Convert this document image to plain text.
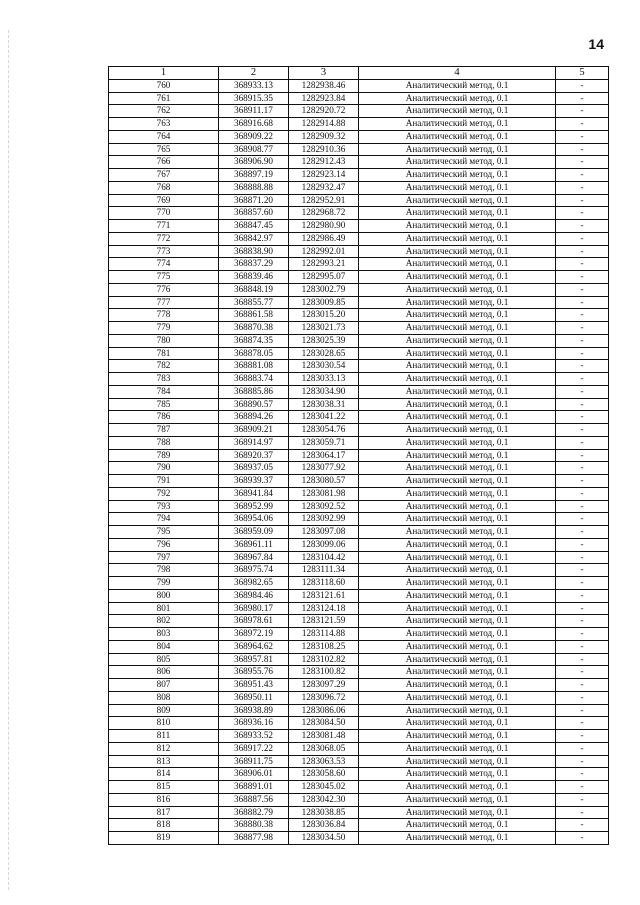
14
1	2	3	4	5
760	368933.13	1282938.46	Аналитический метод, 0.1	-
761	368915.35	1282923.84	Аналитический метод, 0.1	-
762	368911.17	1282920.72	Аналитический метод, 0.1	-
763	368916.68	1282914.88	Аналитический метод, 0.1	-
764	368909.22	1282909.32	Аналитический метод, 0.1	-
765	368908.77	1282910.36	Аналитический метод, 0.1	-
766	368906.90	1282912.43	Аналитический метод, 0.1	-
767	368897.19	1282923.14	Аналитический метод, 0.1	-
768	368888.88	1282932.47	Аналитический метод, 0.1	-
769	368871.20	1282952.91	Аналитический метод, 0.1	-
770	368857.60	1282968.72	Аналитический метод, 0.1	-
771	368847.45	1282980.90	Аналитический метод, 0.1	-
772	368842.97	1282986.49	Аналитический метод, 0.1	-
773	368838.90	1282992.01	Аналитический метод, 0.1	-
774	368837.29	1282993.21	Аналитический метод, 0.1	-
775	368839.46	1282995.07	Аналитический метод, 0.1	-
776	368848.19	1283002.79	Аналитический метод, 0.1	-
777	368855.77	1283009.85	Аналитический метод, 0.1	-
778	368861.58	1283015.20	Аналитический метод, 0.1	-
779	368870.38	1283021.73	Аналитический метод, 0.1	-
780	368874.35	1283025.39	Аналитический метод, 0.1	-
781	368878.05	1283028.65	Аналитический метод, 0.1	-
782	368881.08	1283030.54	Аналитический метод, 0.1	-
783	368883.74	1283033.13	Аналитический метод, 0.1	-
784	368885.86	1283034.90	Аналитический метод, 0.1	-
785	368890.57	1283038.31	Аналитический метод, 0.1	-
786	368894.26	1283041.22	Аналитический метод, 0.1	-
787	368909.21	1283054.76	Аналитический метод, 0.1	-
788	368914.97	1283059.71	Аналитический метод, 0.1	-
789	368920.37	1283064.17	Аналитический метод, 0.1	-
790	368937.05	1283077.92	Аналитический метод, 0.1	-
791	368939.37	1283080.57	Аналитический метод, 0.1	-
792	368941.84	1283081.98	Аналитический метод, 0.1	-
793	368952.99	1283092.52	Аналитический метод, 0.1	-
794	368954.06	1283092.99	Аналитический метод, 0.1	-
795	368959.09	1283097.08	Аналитический метод, 0.1	-
796	368961.11	1283099.06	Аналитический метод, 0.1	-
797	368967.84	1283104.42	Аналитический метод, 0.1	-
798	368975.74	1283111.34	Аналитический метод, 0.1	-
799	368982.65	1283118.60	Аналитический метод, 0.1	-
800	368984.46	1283121.61	Аналитический метод, 0.1	-
801	368980.17	1283124.18	Аналитический метод, 0.1	-
802	368978.61	1283121.59	Аналитический метод, 0.1	-
803	368972.19	1283114.88	Аналитический метод, 0.1	-
804	368964.62	1283108.25	Аналитический метод, 0.1	-
805	368957.81	1283102.82	Аналитический метод, 0.1	-
806	368955.76	1283100.82	Аналитический метод, 0.1	-
807	368951.43	1283097.29	Аналитический метод, 0.1	-
808	368950.11	1283096.72	Аналитический метод, 0.1	-
809	368938.89	1283086.06	Аналитический метод, 0.1	-
810	368936.16	1283084.50	Аналитический метод, 0.1	-
811	368933.52	1283081.48	Аналитический метод, 0.1	-
812	368917.22	1283068.05	Аналитический метод, 0.1	-
813	368911.75	1283063.53	Аналитический метод, 0.1	-
814	368906.01	1283058.60	Аналитический метод, 0.1	-
815	368891.01	1283045.02	Аналитический метод, 0.1	-
816	368887.56	1283042.30	Аналитический метод, 0.1	-
817	368882.79	1283038.85	Аналитический метод, 0.1	-
818	368880.38	1283036.84	Аналитический метод, 0.1	-
819	368877.98	1283034.50	Аналитический метод, 0.1	-
